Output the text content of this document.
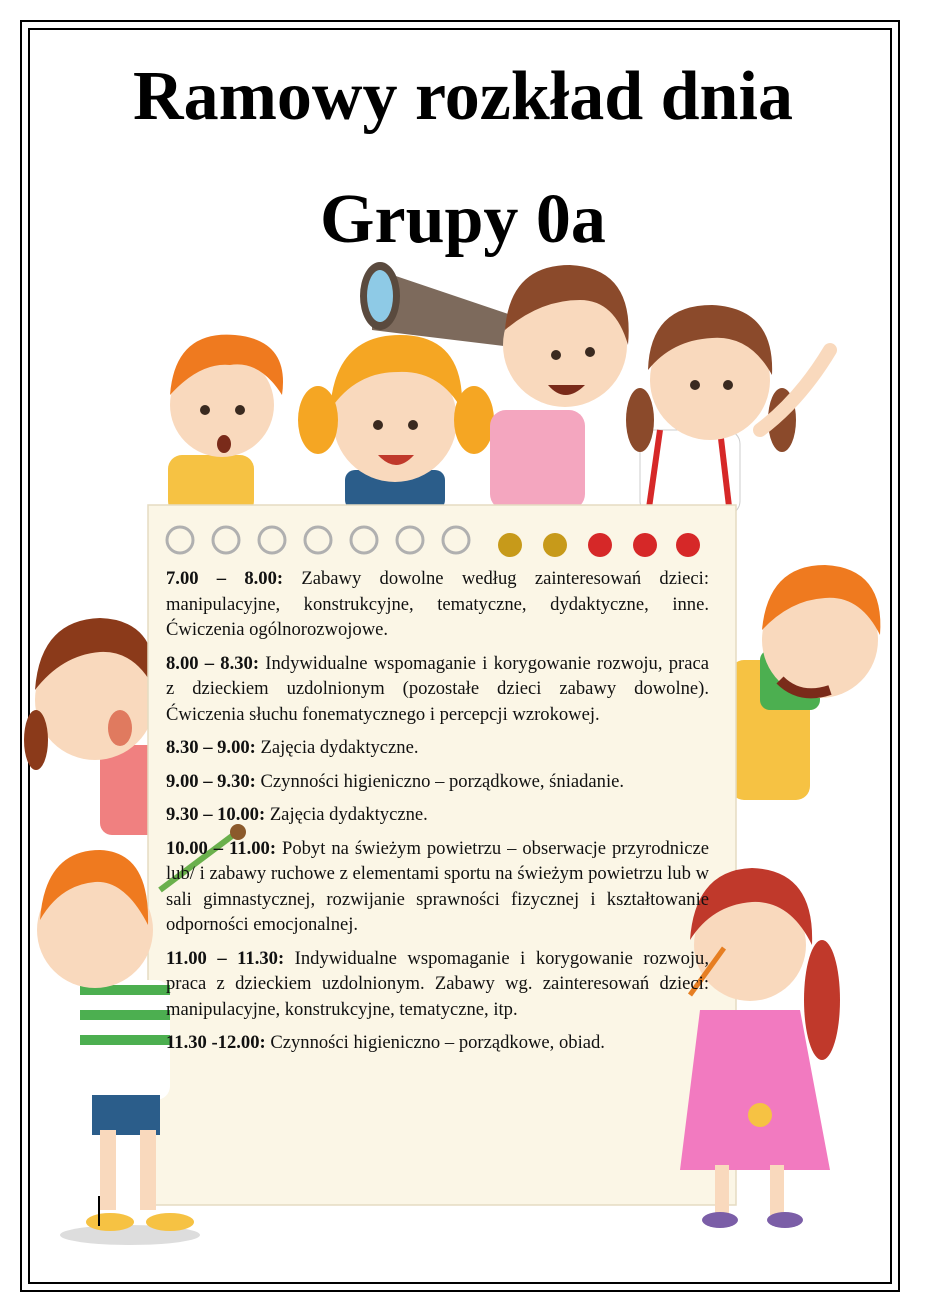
Ramowy rozkład dnia
Grupy 0a

7.00 – 8.00: Zabawy dowolne według zainteresowań dzieci: manipulacyjne, konstrukcyjne, tematyczne, dydaktyczne, inne. Ćwiczenia ogólnorozwojowe.

8.00 – 8.30: Indywidualne wspomaganie i korygowanie rozwoju, praca z dzieckiem uzdolnionym (pozostałe dzieci zabawy dowolne). Ćwiczenia słuchu fonematycznego i percepcji wzrokowej.

8.30 – 9.00: Zajęcia dydaktyczne.

9.00 – 9.30: Czynności higieniczno – porządkowe, śniadanie.

9.30 – 10.00: Zajęcia dydaktyczne.

10.00 – 11.00: Pobyt na świeżym powietrzu – obserwacje przyrodnicze lub/ i zabawy ruchowe z elementami sportu na świeżym powietrzu lub w sali gimnastycznej, rozwijanie sprawności fizycznej i kształtowanie odporności emocjonalnej.

11.00 – 11.30: Indywidualne wspomaganie i korygowanie rozwoju, praca z dzieckiem uzdolnionym. Zabawy wg. zainteresowań dzieci: manipulacyjne, konstrukcyjne, tematyczne, itp.

11.30 -12.00: Czynności higieniczno – porządkowe, obiad.
